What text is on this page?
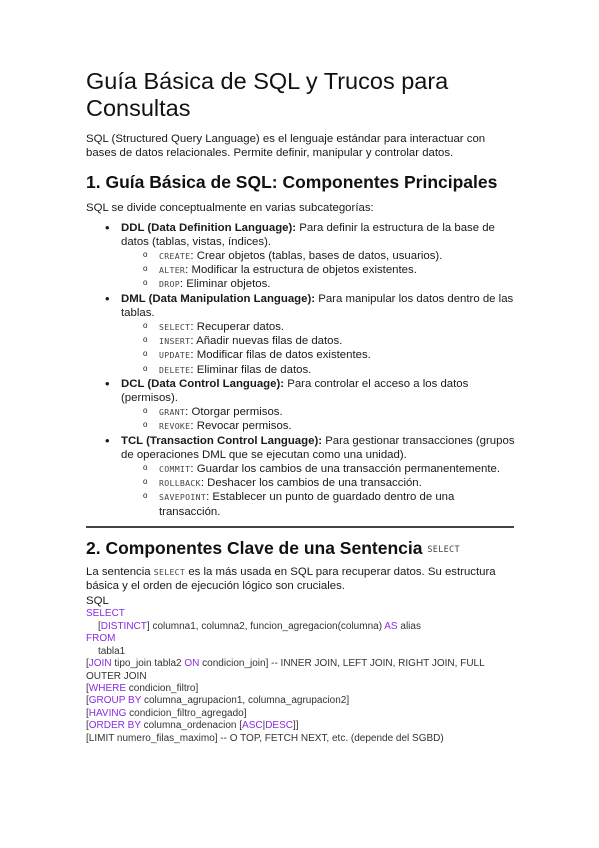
Guía Básica de SQL y Trucos para Consultas

SQL (Structured Query Language) es el lenguaje estándar para interactuar con bases de datos relacionales. Permite definir, manipular y controlar datos.

1. Guía Básica de SQL: Componentes Principales

SQL se divide conceptualmente en varias subcategorías:

• DDL (Data Definition Language): Para definir la estructura de la base de datos (tablas, vistas, índices).
o CREATE: Crear objetos (tablas, bases de datos, usuarios).
o ALTER: Modificar la estructura de objetos existentes.
o DROP: Eliminar objetos.
• DML (Data Manipulation Language): Para manipular los datos dentro de las tablas.
o SELECT: Recuperar datos.
o INSERT: Añadir nuevas filas de datos.
o UPDATE: Modificar filas de datos existentes.
o DELETE: Eliminar filas de datos.
• DCL (Data Control Language): Para controlar el acceso a los datos (permisos).
o GRANT: Otorgar permisos.
o REVOKE: Revocar permisos.
• TCL (Transaction Control Language): Para gestionar transacciones (grupos de operaciones DML que se ejecutan como una unidad).
o COMMIT: Guardar los cambios de una transacción permanentemente.
o ROLLBACK: Deshacer los cambios de una transacción.
o SAVEPOINT: Establecer un punto de guardado dentro de una transacción.
2. Componentes Clave de una Sentencia SELECT

La sentencia SELECT es la más usada en SQL para recuperar datos. Su estructura básica y el orden de ejecución lógico son cruciales.

SQL
SELECT
[DISTINCT] columna1, columna2, funcion_agregacion(columna) AS alias
FROM
tabla1
[JOIN tipo_join tabla2 ON condicion_join] -- INNER JOIN, LEFT JOIN, RIGHT JOIN, FULL OUTER JOIN
[WHERE condicion_filtro]
[GROUP BY columna_agrupacion1, columna_agrupacion2]
[HAVING condicion_filtro_agregado]
[ORDER BY columna_ordenacion [ASC|DESC]]
[LIMIT numero_filas_maximo] -- O TOP, FETCH NEXT, etc. (depende del SGBD)
